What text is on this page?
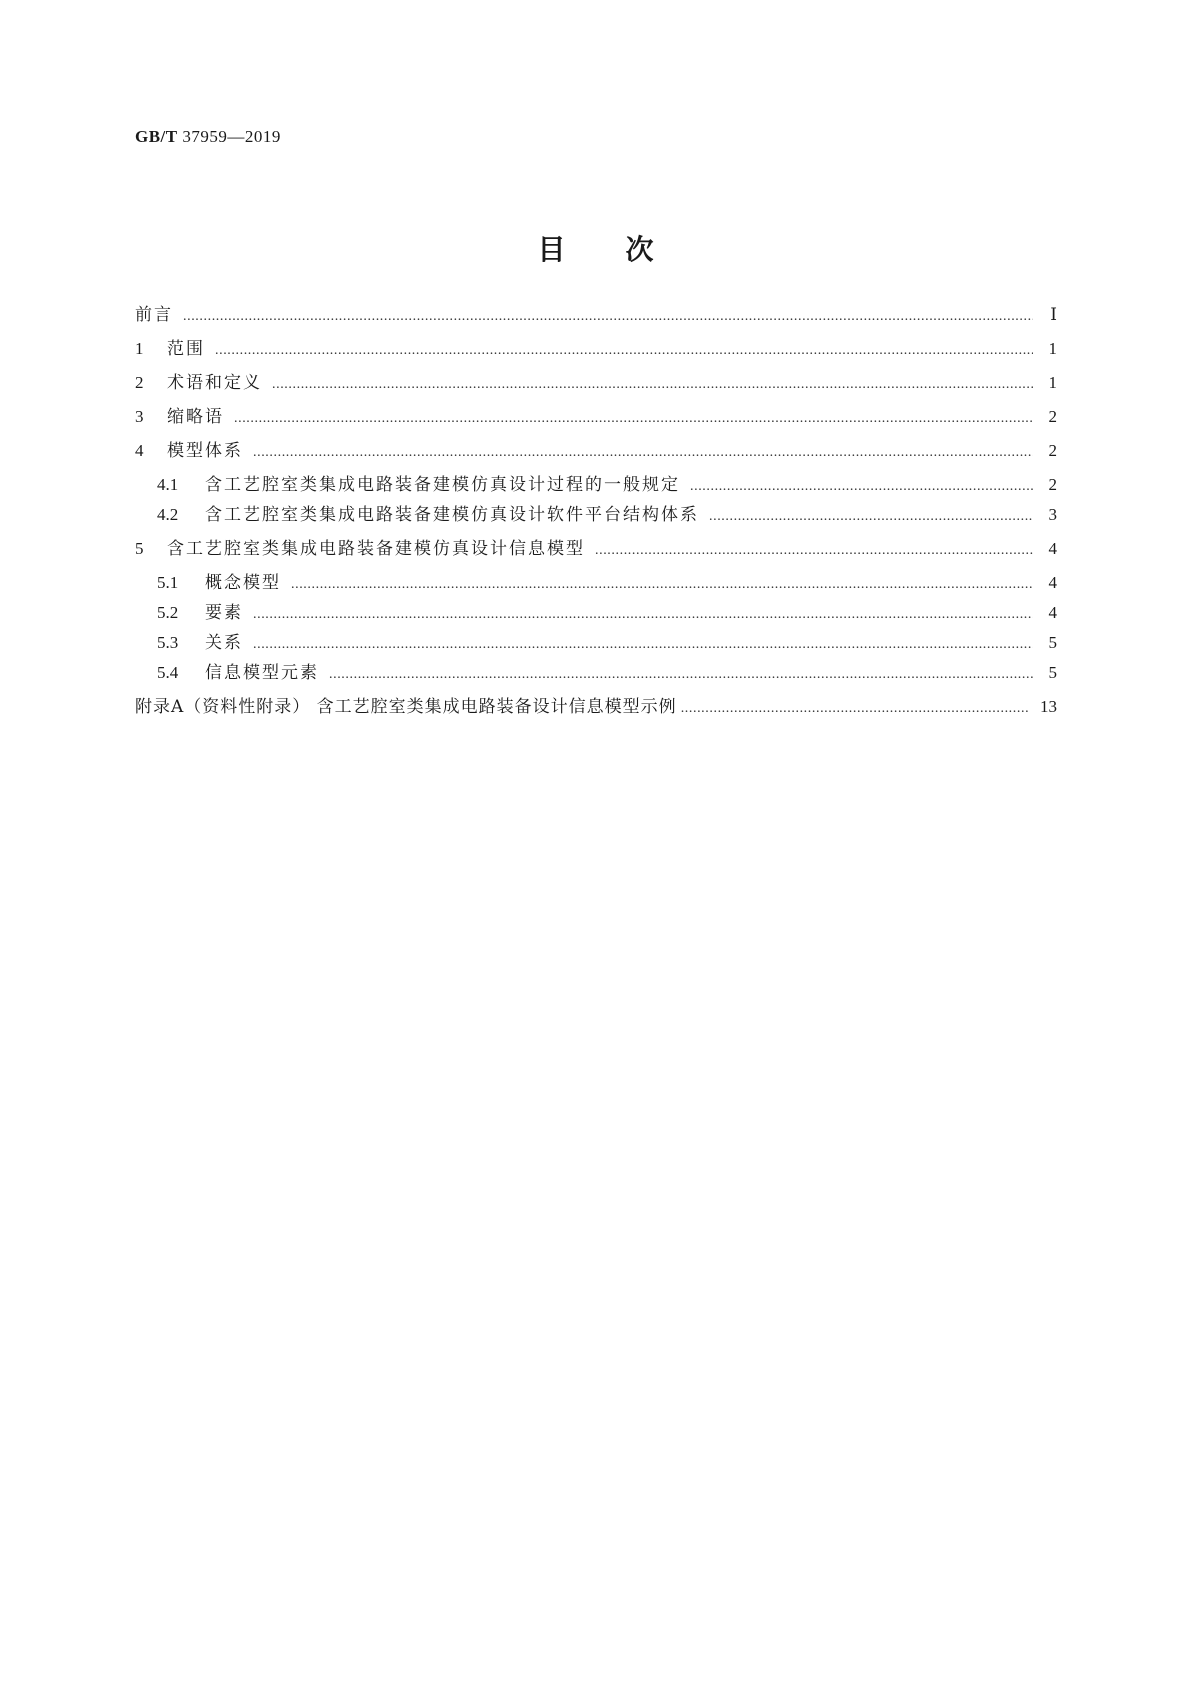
GB/T 37959—2019
目次
前言 .....	Ⅰ
1	范围 .....	1
2	术语和定义 .....	1
3	缩略语 .....	2
4	模型体系 .....	2
4.1	含工艺腔室类集成电路装备建模仿真设计过程的一般规定 .....	2
4.2	含工艺腔室类集成电路装备建模仿真设计软件平台结构体系 .....	3
5	含工艺腔室类集成电路装备建模仿真设计信息模型 .....	4
5.1	概念模型 .....	4
5.2	要素 .....	4
5.3	关系 .....	5
5.4	信息模型元素 .....	5
附录A（资料性附录） 含工艺腔室类集成电路装备设计信息模型示例 .....	13
